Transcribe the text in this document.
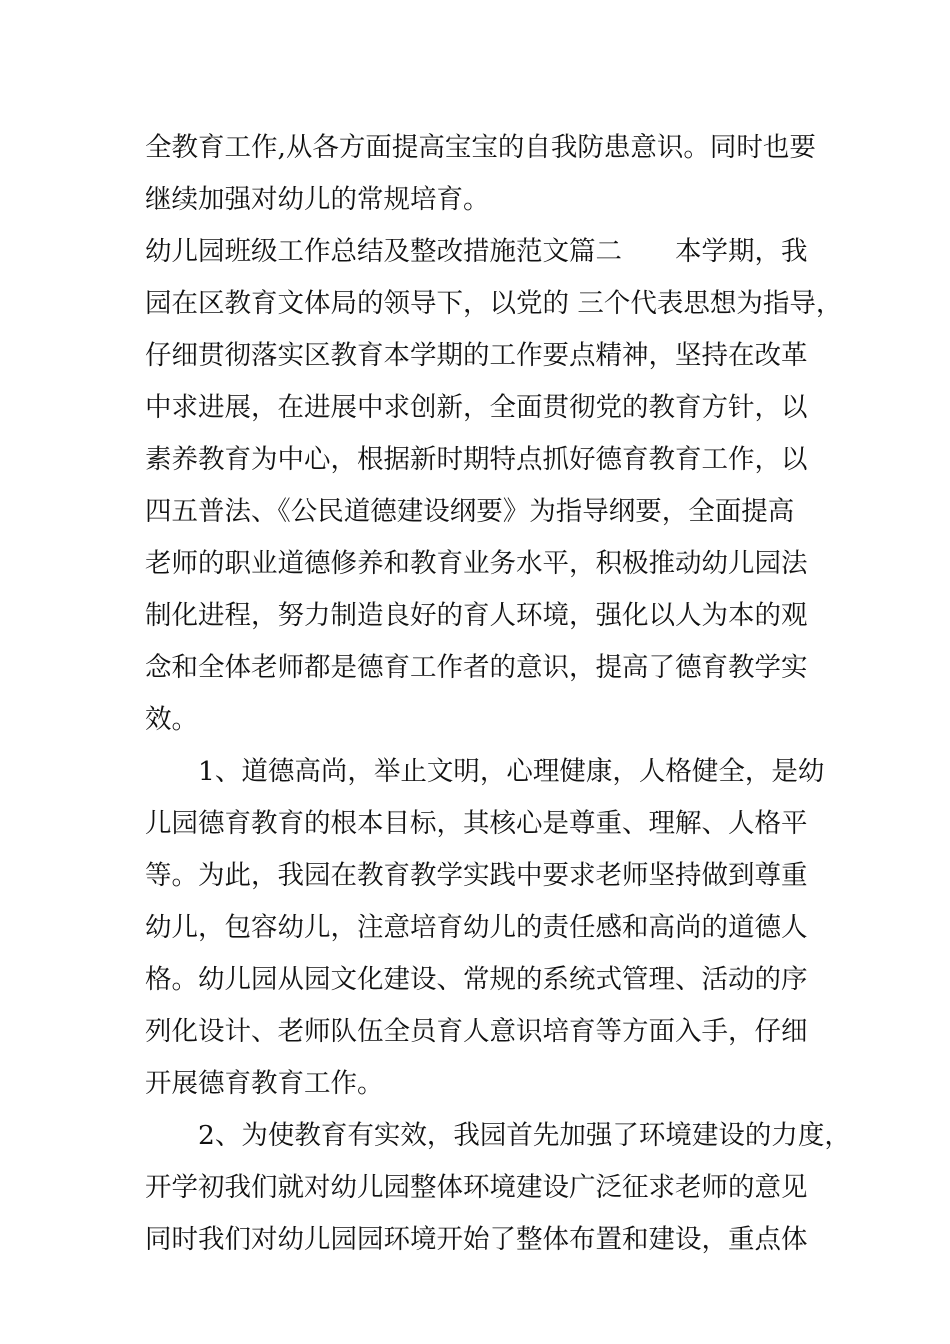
全教育工作,从各方面提高宝宝的自我防患意识。同时也要
继续加强对幼儿的常规培育。
幼儿园班级工作总结及整改措施范文篇二　　本学期，我
园在区教育文体局的领导下，以党的 三个代表思想为指导，
仔细贯彻落实区教育本学期的工作要点精神，坚持在改革
中求进展，在进展中求创新，全面贯彻党的教育方针，以
素养教育为中心，根据新时期特点抓好德育教育工作，以
四五普法、《公民道德建设纲要》为指导纲要，全面提高
老师的职业道德修养和教育业务水平，积极推动幼儿园法
制化进程，努力制造良好的育人环境，强化以人为本的观
念和全体老师都是德育工作者的意识，提高了德育教学实
效。
　　1、道德高尚，举止文明，心理健康，人格健全，是幼
儿园德育教育的根本目标，其核心是尊重、理解、人格平
等。为此，我园在教育教学实践中要求老师坚持做到尊重
幼儿，包容幼儿，注意培育幼儿的责任感和高尚的道德人
格。幼儿园从园文化建设、常规的系统式管理、活动的序
列化设计、老师队伍全员育人意识培育等方面入手，仔细
开展德育教育工作。
　　2、为使教育有实效，我园首先加强了环境建设的力度，
开学初我们就对幼儿园整体环境建设广泛征求老师的意见
同时我们对幼儿园园环境开始了整体布置和建设，重点体
